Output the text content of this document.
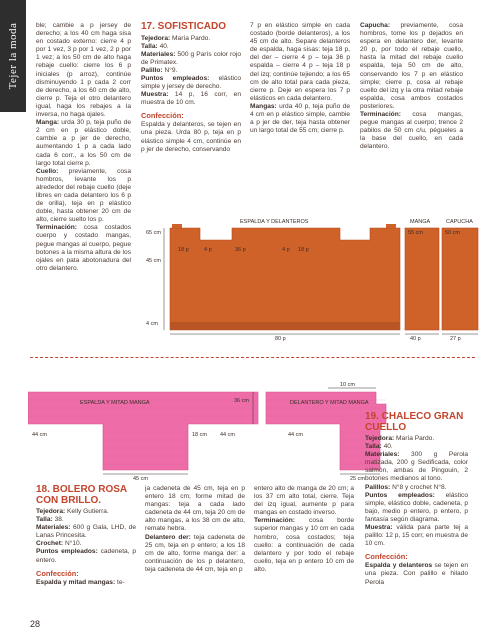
Tejer la moda	ble; cambie a p jersey de derecho; a los 40 cm haga sisa en costado externo: cierre 4 p por 1 vez, 3 p por 1 vez, 2 p por 1 vez; a los 50 cm de alto haga rebaje cuello: cierre los 6 p iniciales (p arroz), continúe disminuyendo 1 p cada 2 corr de derecho, a los 60 cm de alto, cierre p. Teja el otro delantero igual, haga los rebajes a la inversa, no haga ojales.

Manga: urda 30 p, teja puño de 2 cm en p elástico doble, cambie a p jer de derecho, aumentando 1 p a cada lado cada 6 corr., a los 50 cm de largo total cierre p.

Cuello: previamente, cosa hombros, levante los p alrededor del rebaje cuello (deje libres en cada delantero los 6 p de orilla), teja en p elástico doble, hasta obtener 20 cm de alto, cierre suelto los p.

Terminación: cosa costados cuerpo y costado mangas, pegue mangas al cuerpo, pegue botones a la misma altura de los ojales en pata abotonadura del otro delantero.

17. SOFISTICADO

Tejedora: María Pardo.

Talla: 40.

Materiales: 500 g París color rojo de Primatex.

Palillo: N°9.

Puntos empleados: elástico simple y jersey de derecho.

Muestra: 14 p, 16 corr, en muestra de 10 cm.

Confección:

Espalda y delanteros, se tejen en una pieza. Urda 80 p, teja en p elástico simple 4 cm, continúe en p jer de derecho, conservando

7 p en elástico simple en cada costado (borde delanteros), a los 45 cm de alto. Separe delanteros de espalda, haga sisas: teja 18 p, del der – cierre 4 p – teja 36 p espalda – cierre 4 p – teja 18 p del izq; continúe tejiendo; a los 65 cm de alto total para cada pieza, cierre p. Deje en espera los 7 p elásticos en cada delantero.

Mangas: urda 40 p, teja puño de 4 cm en p elástico simple, cambie a p jer de der, teja hasta obtener un largo total de 55 cm; cierre p.

Capucha: previamente, cosa hombros, tome los p dejados en espera en delantero der, levante 20 p, por todo el rebaje cuello, hasta la mitad del rebaje cuello espalda, teja 50 cm de alto, conservando los 7 p en elástico simple; cierre p, cosa al rebaje cuello del izq y la otra mitad rebaje espalda, cosa ambos costados posteriores.

Terminación: cosa mangas, pegue mangas al cuerpo; trence 2 pabilos de 50 cm c/u, pégueles a la base del cuello, en cada delantero.

ESPALDA Y DELANTEROS	MANGA	CAPUCHA
65 cm
45 cm
4 cm
18 p	4 p	36 p	4 p 18 p
80 p
55 cm
40 p
50 cm
27 p
ESPALDA Y MITAD MANGA	DELANTERO Y MITAD MANGA
44 cm
36 cm
18 cm 44 cm	44 cm
10 cm
45 cm	25 cm
18. BOLERO ROSA CON BRILLO.

Tejedora: Kelly Gutierra.

Talla: 38.

Materiales: 600 g Gala, LHD, de Lanas Princesita.

Crochet: N°10.

Puntos empleados: cadeneta, p entero.

Confección:

Espalda y mitad mangas: te-

ja cadeneta de 45 cm, teja en p entero 18 cm; forme mitad de mangas: teja a cada lado cadeneta de 44 cm, teja 20 cm de alto mangas, a los 38 cm de alto, remate hebra.

Delantero der: teja cadeneta de 25 cm, teja en p entero; a los 18 cm de alto, forme manga der: a continuación de los p delantero, teja cadeneta de 44 cm, teja en p

entero alto de manga de 20 cm; a los 37 cm alto total, cierre. Teja del izq igual, aumente p para mangas en costado inverso.

Terminación: cosa borde superior mangas y 10 cm en cada hombro, cosa costados; teja cuello: a continuación de cada delantero y por todo el rebaje cuello, teja en p entero 10 cm de alto.

19. CHALECO GRAN CUELLO

Tejedora: María Pardo.

Talla: 40.

Materiales: 300 g Perola matizada, 200 g Sedificada, color salmón, ambas de Pingouin, 2 botones medianos al tono.

Palillos: N°8 y crochet N°8.

Puntos empleados: elástico simple, elástico doble, cadeneta, p bajo, medio p entero, p entero, p fantasía según diagrama.

Muestra: válida para parte tej a palillo: 12 p, 15 corr, en muestra de 10 cm.

Confección:

Espalda y delanteros se tejen en una pieza. Con palillo e hilado Perola

28
